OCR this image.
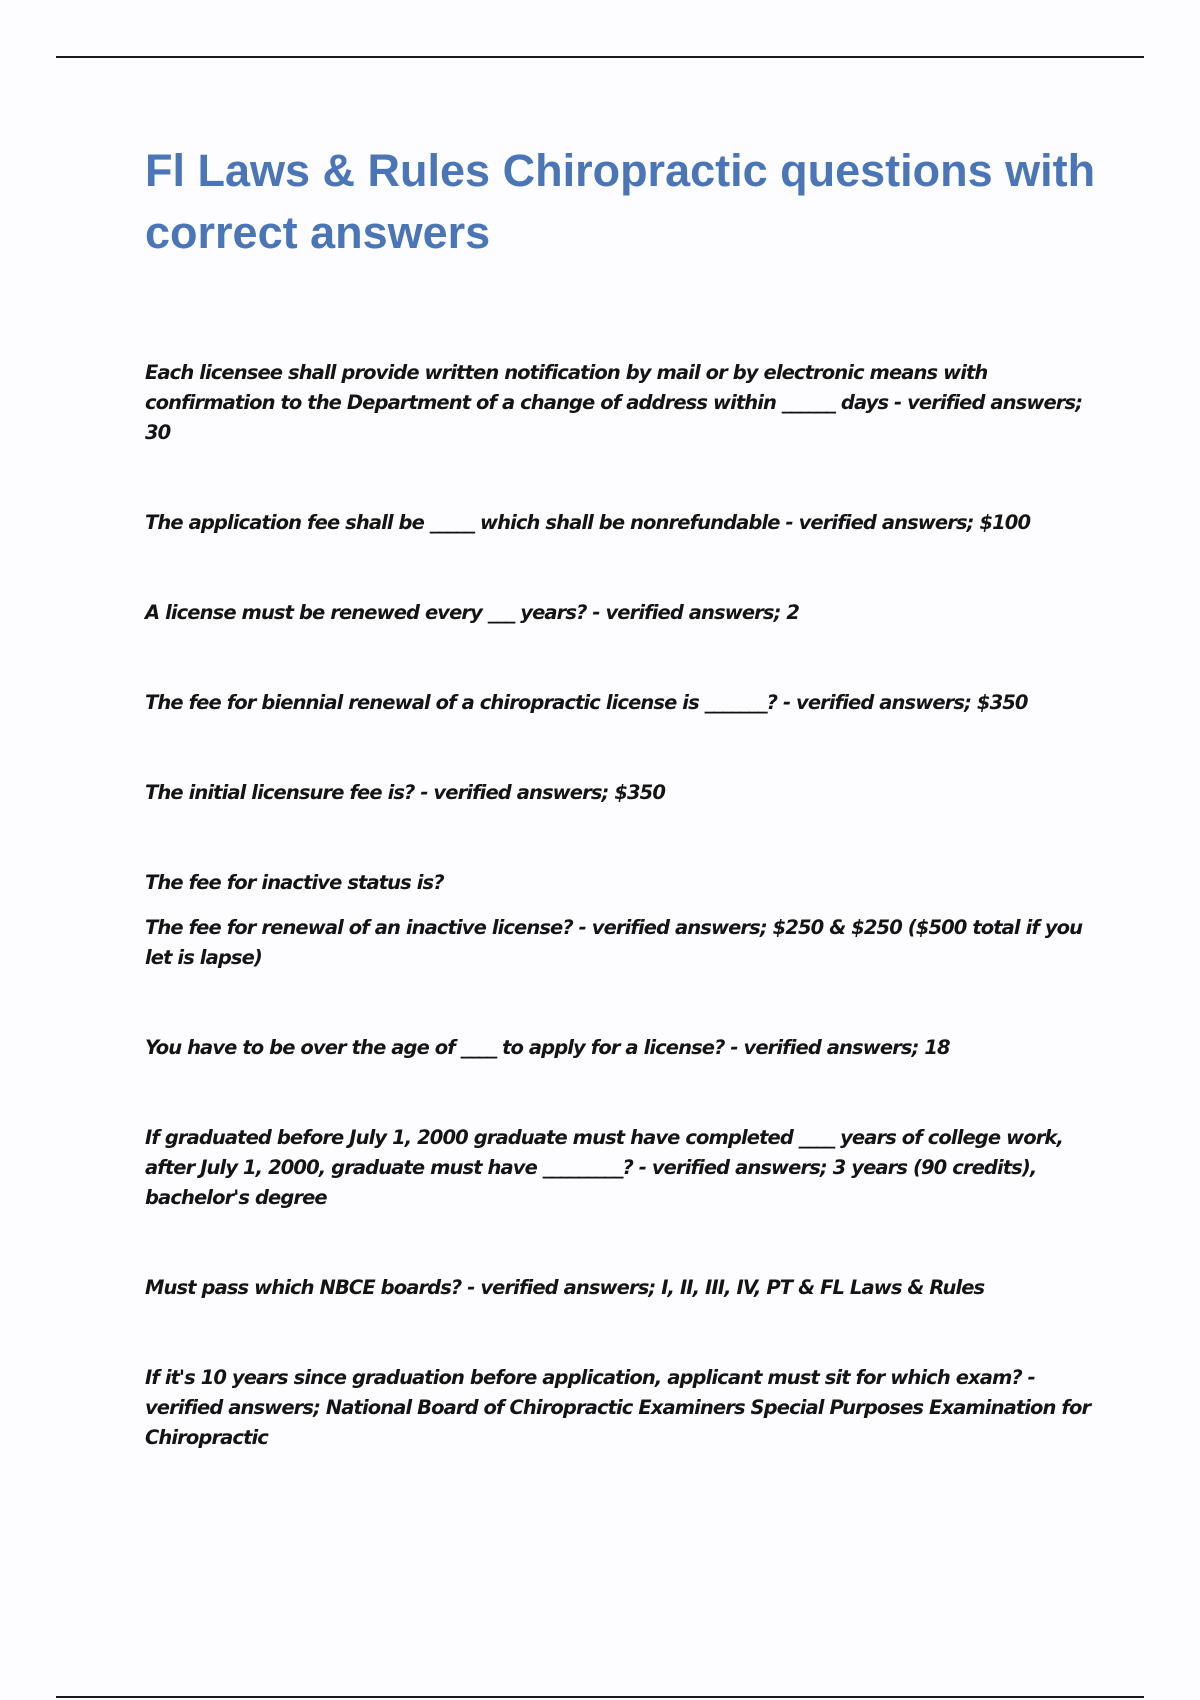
Fl Laws & Rules Chiropractic questions with correct answers

Each licensee shall provide written notification by mail or by electronic means with confirmation to the Department of a change of address within ______ days - verified answers; 30

The application fee shall be _____ which shall be nonrefundable - verified answers; $100

A license must be renewed every ___ years? - verified answers; 2

The fee for biennial renewal of a chiropractic license is _______? - verified answers; $350

The initial licensure fee is? - verified answers; $350

The fee for inactive status is?

The fee for renewal of an inactive license? - verified answers; $250 & $250 ($500 total if you let is lapse)

You have to be over the age of ____ to apply for a license? - verified answers; 18

If graduated before July 1, 2000 graduate must have completed ____ years of college work, after July 1, 2000, graduate must have _________? - verified answers; 3 years (90 credits), bachelor's degree

Must pass which NBCE boards? - verified answers; I, II, III, IV, PT & FL Laws & Rules

If it's 10 years since graduation before application, applicant must sit for which exam? - verified answers; National Board of Chiropractic Examiners Special Purposes Examination for Chiropractic
